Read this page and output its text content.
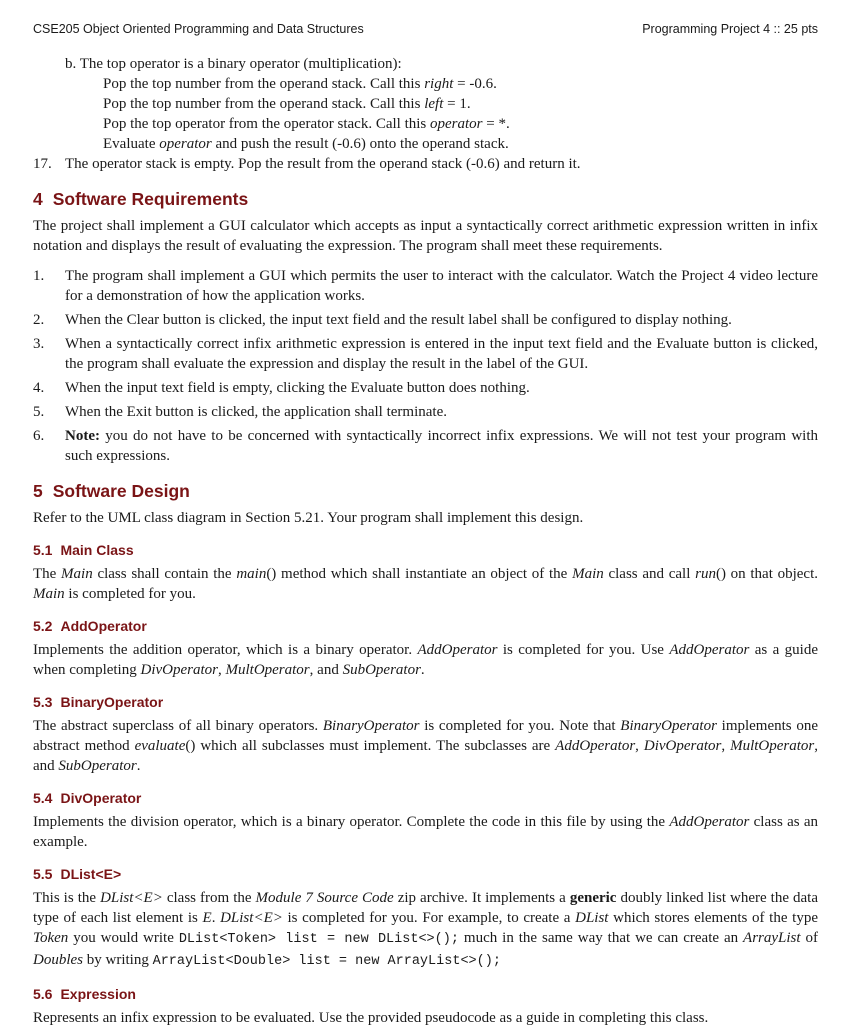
CSE205 Object Oriented Programming and Data Structures	Programming Project 4 :: 25 pts
b. The top operator is a binary operator (multiplication):
Pop the top number from the operand stack. Call this right = -0.6.
Pop the top number from the operand stack. Call this left = 1.
Pop the top operator from the operator stack. Call this operator = *.
Evaluate operator and push the result (-0.6) onto the operand stack.
17. The operator stack is empty. Pop the result from the operand stack (-0.6) and return it.
4 Software Requirements

The project shall implement a GUI calculator which accepts as input a syntactically correct arithmetic expression written in infix notation and displays the result of evaluating the expression. The program shall meet these requirements.

1. The program shall implement a GUI which permits the user to interact with the calculator. Watch the Project 4 video lecture for a demonstration of how the application works.
2. When the Clear button is clicked, the input text field and the result label shall be configured to display nothing.
3. When a syntactically correct infix arithmetic expression is entered in the input text field and the Evaluate button is clicked, the program shall evaluate the expression and display the result in the label of the GUI.
4. When the input text field is empty, clicking the Evaluate button does nothing.
5. When the Exit button is clicked, the application shall terminate.
6. Note: you do not have to be concerned with syntactically incorrect infix expressions. We will not test your program with such expressions.
5 Software Design

Refer to the UML class diagram in Section 5.21. Your program shall implement this design.

5.1 Main Class

The Main class shall contain the main() method which shall instantiate an object of the Main class and call run() on that object. Main is completed for you.

5.2 AddOperator

Implements the addition operator, which is a binary operator. AddOperator is completed for you. Use AddOperator as a guide when completing DivOperator, MultOperator, and SubOperator.

5.3 BinaryOperator

The abstract superclass of all binary operators. BinaryOperator is completed for you. Note that BinaryOperator implements one abstract method evaluate() which all subclasses must implement. The subclasses are AddOperator, DivOperator, MultOperator, and SubOperator.

5.4 DivOperator

Implements the division operator, which is a binary operator. Complete the code in this file by using the AddOperator class as an example.

5.5 DList<E>

This is the DList<E> class from the Module 7 Source Code zip archive. It implements a generic doubly linked list where the data type of each list element is E. DList<E> is completed for you. For example, to create a DList which stores elements of the type Token you would write DList<Token> list = new DList<>(); much in the same way that we can create an ArrayList of Doubles by writing ArrayList<Double> list = new ArrayList<>();

5.6 Expression

Represents an infix expression to be evaluated. Use the provided pseudocode as a guide in completing this class.
